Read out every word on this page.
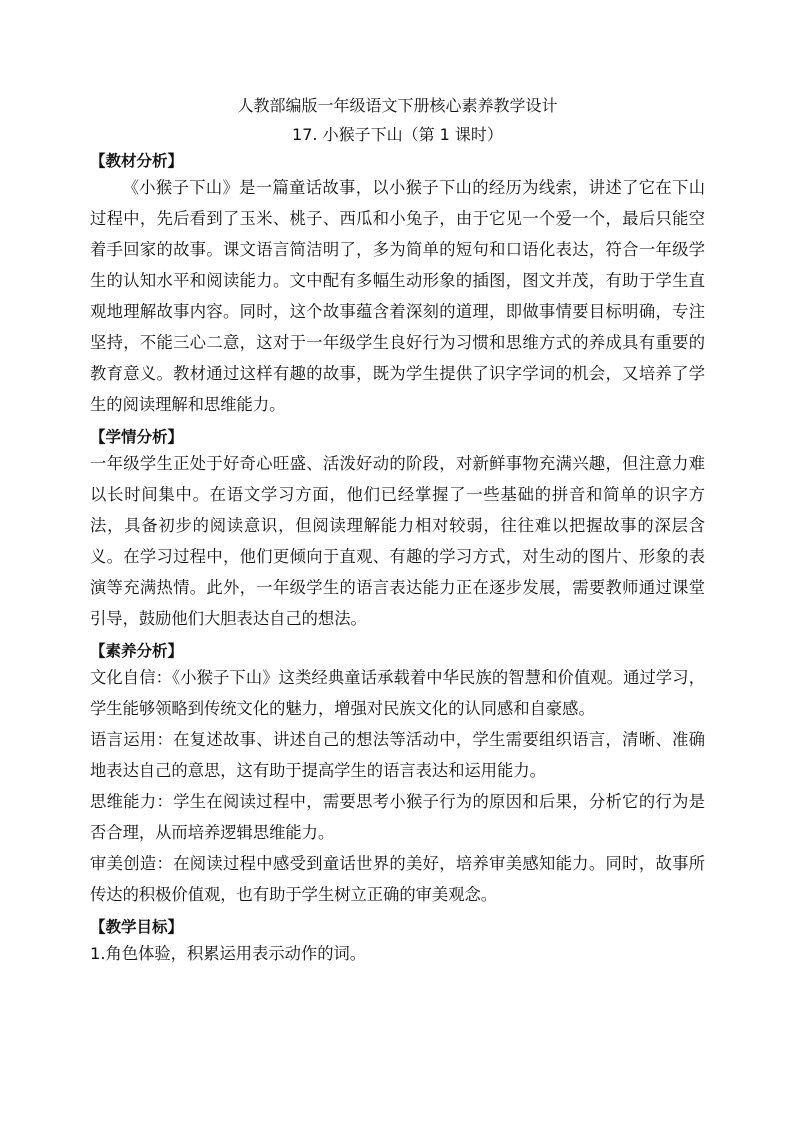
人教部编版一年级语文下册核心素养教学设计

17. 小猴子下山（第 1 课时）

【教材分析】

《小猴子下山》是一篇童话故事，以小猴子下山的经历为线索，讲述了它在下山过程中，先后看到了玉米、桃子、西瓜和小兔子，由于它见一个爱一个，最后只能空着手回家的故事。课文语言简洁明了，多为简单的短句和口语化表达，符合一年级学生的认知水平和阅读能力。文中配有多幅生动形象的插图，图文并茂，有助于学生直观地理解故事内容。同时，这个故事蕴含着深刻的道理，即做事情要目标明确，专注坚持，不能三心二意，这对于一年级学生良好行为习惯和思维方式的养成具有重要的教育意义。教材通过这样有趣的故事，既为学生提供了识字学词的机会，又培养了学生的阅读理解和思维能力。

【学情分析】

一年级学生正处于好奇心旺盛、活泼好动的阶段，对新鲜事物充满兴趣，但注意力难以长时间集中。在语文学习方面，他们已经掌握了一些基础的拼音和简单的识字方法，具备初步的阅读意识，但阅读理解能力相对较弱，往往难以把握故事的深层含义。在学习过程中，他们更倾向于直观、有趣的学习方式，对生动的图片、形象的表演等充满热情。此外，一年级学生的语言表达能力正在逐步发展，需要教师通过课堂引导，鼓励他们大胆表达自己的想法。

【素养分析】

文化自信：《小猴子下山》这类经典童话承载着中华民族的智慧和价值观。通过学习，学生能够领略到传统文化的魅力，增强对民族文化的认同感和自豪感。

语言运用：在复述故事、讲述自己的想法等活动中，学生需要组织语言，清晰、准确地表达自己的意思，这有助于提高学生的语言表达和运用能力。

思维能力：学生在阅读过程中，需要思考小猴子行为的原因和后果，分析它的行为是否合理，从而培养逻辑思维能力。

审美创造：在阅读过程中感受到童话世界的美好，培养审美感知能力。同时，故事所传达的积极价值观，也有助于学生树立正确的审美观念。

【教学目标】

1.角色体验，积累运用表示动作的词。
